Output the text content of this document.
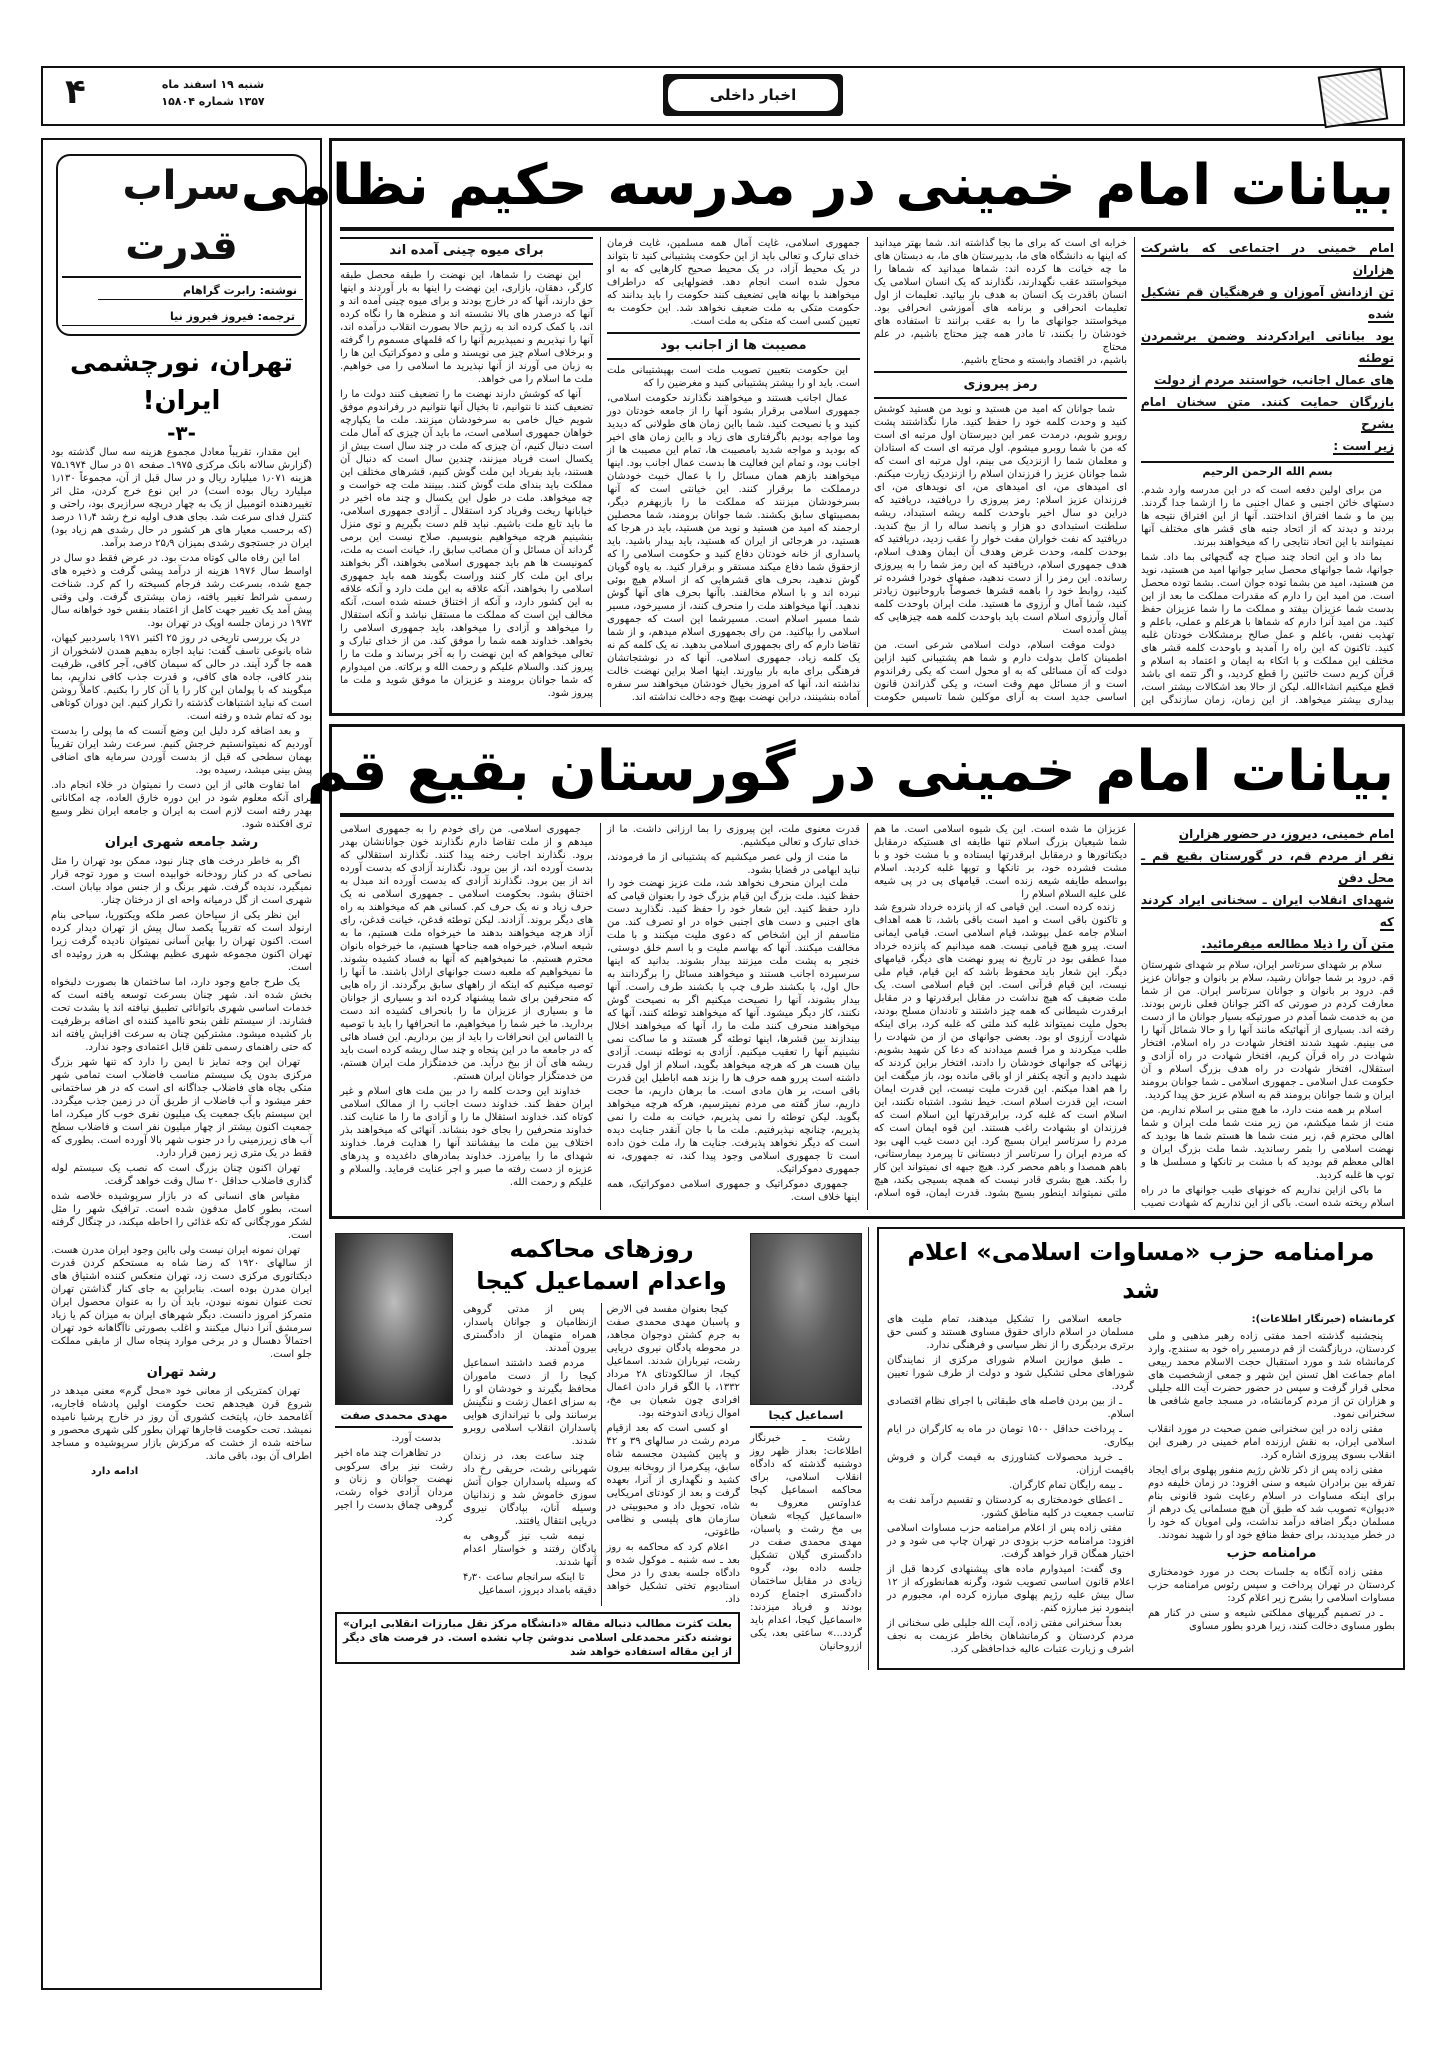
۴	شنبه ۱۹ اسفند ماه
۱۳۵۷ شماره ۱۵۸۰۴	اخبار داخلی
سراب قدرت
نوشته: رابرت گراهام
ترجمه: فیروز فیروز نیا
تهران، نورچشمی ایران!
-۳-

این مقدار، تقریباً معادل مجموع هزینه سه سال گذشته بود (گزارش سالانه بانک مرکزی ۱۹۷۵ـ صفحه ۵۱ در سال ۱۹۷۴ـ۷۵ هزینه ۱٫۰۷۱ میلیارد ریال و در سال قبل از آن، مجموعاً ۱٫۱۳۰ میلیارد ریال بوده است) در این نوع خرج کردن، مثل اثر تغییردهنده اتومبیل از یک به چهار دریچه سرازیری بود، راحتی و کنترل فدای سرعت شد. بجای هدف اولیه نرخ رشد ۱۱٫۴ درصد (که برحسب معیار های هر کشور در حال رشدی هم زیاد بود) ایران در جستجوی رشدی بمیزان ۲۵٫۹ درصد برآمد.

اما این رفاه مالی کوتاه مدت بود. در عرض فقط دو سال در اواسط سال ۱۹۷۶ هزینه از درآمد پیشی گرفت و ذخیره های جمع شده، بسرعت رشد فرجام کسیخته را کم کرد. شناخت رسمی شرائط تغییر یافته، زمان بیشتری گرفت. ولی وقتی پیش آمد یک تغییر جهت کامل از اعتماد بنفس خود خواهانه سال ۱۹۷۳ در زمان جلسه اوپک در تهران بود.

در یک بررسی تاریخی در روز ۲۵ اکتبر ۱۹۷۱ باسردبیر کیهان، شاه بانوعی تاسف گفت: نباید اجازه بدهیم همدن لاشخوران از همه جا گرد آیند. در حالی که سیمان کافی، آجر کافی، ظرفیت بندر کافی، جاده های کافی، و قدرت جذب کافی نداریم، بما میگویند که با پولمان این کار را یا آن کار را بکنیم. کاملاً روشن است که نباید اشتباهات گذشته را تکرار کنیم. این دوران کوتاهی بود که تمام شده و رفته است.

و بعد اضافه کرد دلیل این وضع آنست که ما پولی را بدست آوردیم که نمیتوانستیم خرجش کنیم. سرعت رشد ایران تقریباً بهمان سطحی که قبل از بدست آوردن سرمایه های اضافی پیش بینی میشد، رسیده بود.

اما تفاوت هائی از این دست را نمیتوان در خلاء انجام داد. برای آنکه معلوم شود در این دوره خارق العاده، چه امکاناتی بهدر رفته است لازم است به ایران و جامعه ایران نظر وسیع تری افکنده شود.

رشد جامعه شهری ایران

اگر به خاطر درخت های چنار نبود، ممکن بود تهران را مثل نصاحی که در کنار رودخانه خوابیده است و مورد توجه قرار نمیگیرد، ندیده گرفت. شهر برنگ و از جنس مواد بیابان است. شهری است از گل درمیانه واحه ای از درختان چنار.

این نظر یکی از سیاحان عصر ملکه ویکتوریا، سیاحی بنام ارنولد است که تقریباً یکصد سال پیش از تهران دیدار کرده است. اکنون تهران را بهاین آسانی نمیتوان نادیده گرفت زیرا تهران اکنون مجموعه شهری عظیم بهشکل به هرز روئیده ای است.

یک طرح جامع وجود دارد، اما ساختمان ها بصورت دلبخواه بخش شده اند. شهر چنان بسرعت توسعه یافته است که خدمات اساسی شهری باتوانائی تطبیق نیافته اند یا بشدت تحت فشارند. از سیستم تلفن بنحو ناامید کننده ای اضافه برظرفیت بار کشیده میشود. مشترکین چنان به سرعت افزایش یافته اند که حتی راهنمای رسمی تلفن قابل اعتمادی وجود ندارد.

تهران این وجه تمایز نا ایمن را دارد که تنها شهر بزرگ مرکزی بدون یک سیستم مناسب فاضلاب است تمامی شهر متکی بچاه های فاضلاب جداگانه ای است که در هر ساختمانی حفر میشود و آب فاضلاب از طریق آن در زمین جذب میگردد. این سیستم بایک جمعیت یک میلیون نفری خوب کار میکرد، اما جمعیت اکنون بیشتر از چهار میلیون نفر است و فاضلاب سطح آب های زیرزمینی را در جنوب شهر بالا آورده است. بطوری که فقط در یک متری زیر زمین قرار دارد.

تهران اکنون چنان بزرگ است که نصب یک سیستم لوله گذاری فاضلاب حداقل ۲۰ سال وقت خواهد گرفت.

مقیاس های انسانی که در بازار سرپوشیده خلاصه شده است، بطور کامل مدفون شده است. ترافیک شهر را مثل لشکر مورچگانی که تکه غذائی را احاطه میکند، در چنگال گرفته است.

تهران نمونه ایران نیست ولی بااین وجود ایران مدرن هست. از سالهای ۱۹۲۰ که رضا شاه به مستحکم کردن قدرت دیکتاتوری مرکزی دست زد، تهران منعکس کننده اشتیاق های ایران مدرن بوده است. بنابراین به جای کنار گذاشتن تهران تحت عنوان نمونه نبودن، باید آن را به عنوان محصول ایران متمرکز امروز دانست. دیگر شهرهای ایران به میزان کم یا زیاد سرمشق آنرا دنبال میکنند و اغلب بصورتی ناآگاهانه خود تهران احتمالاً دهسال و در برخی موارد پنجاه سال از مابقی مملکت جلو است.

رشد تهران

تهران کمتریکی از معانی خود «محل گرم» معنی میدهد در شروع قرن هیجدهم تحت حکومت اولین پادشاه قاجاریه، آغامحمد خان، پایتخت کشوری آن روز در خارج پرشیا نامیده نمیشد. تحت حکومت قاجارها تهران بطور کلی شهری محصور و ساخته شده از خشت که مرکزش بازار سرپوشیده و مساجد اطراف آن بود، باقی ماند.

ادامه دارد
بیانات امام خمینی در مدرسه حکیم نظامی
امام خمینی در اجتماعی که باشرکت هزاران
تن ازدانش آموزان و فرهنگیان قم تشکیل شده
بود بیاناتی ایرادکردند وضمن برشمردن توطئه
های عمال اجانب، خواستند مردم از دولت
بازرگان حمایت کنند. متن سخنان امام بشرح
زیر است :
بسم الله الرحمن الرحیم

من برای اولین دفعه است که در این مدرسه وارد شدم. دستهای خائن اجنبی و عمال اجنبی ما را ازشما جدا گردند. بین ما و شما افتراق انداختند. آنها از این افتراق نتیجه ها بردند و دیدند که از اتحاد جنبه های قشر های مختلف آنها نمیتوانند با این اتحاد نتایجی را که میخواهند ببرند.

بما داد و این اتحاد چند صباح چه گنجهائی بما داد. شما جوانها، شما جوانهای محصل سایر جوانها امید من هستید، نوید من هستید، امید من بشما توده جوان است. بشما توده محصل است. من امید این را دارم که مقدرات مملکت ما بعد از این بدست شما عزیزان بیفتد و مملکت ما را شما عزیزان حفظ کنید. من امید آنرا دارم که شماها با هرعلم و عملی، باعلم و تهذیب نفس، باعلم و عمل صالح برمشکلات خودتان غلبه کنید. تاکنون که این راه را آمدید و باوحدت کلمه قشر های مختلف این مملکت و با اتکاء به ایمان و اعتماد به اسلام و قرآن کریم دست خائنین را قطع کردید، و اگر تتمه ای باشد قطع میکنیم انشاءالله. لیکن از حالا بعد اشکالات بیشتر است، بیداری بیشتر میخواهد. از این زمان، زمان سازندگی این خرابه ای است که برای ما بجا گذاشته اند. شما بهتر میدانید که اینها به دانشگاه های ما، بدبیرستان های ما، به دبستان های ما چه خیانت ها کرده اند: شماها میدانید که شماها را میخواستند عقب نگهدارند، نگذارند که یک انسان اسلامی یک انسان باقدرت یک انسان به هدف بار بیائید. تعلیمات از اول تعلیمات انحرافی و برنامه های آموزشی انحرافی بود. میخواستند جوانهای ما را به عقب برانند تا استفاده های خودشان را بکنند، تا مادر همه چیز محتاج باشیم، در علم محتاج

باشیم، در اقتصاد وابسته و محتاج باشیم.
رمز پیروزی

شما جوانان که امید من هستید و نوید من هستید کوشش کنید و وحدت کلمه خود را حفظ کنید. مارا نگذاشتند پشت روبرو شویم، درمدت عمر این دبیرستان اول مرتبه ای است که من با شما روبرو میشوم. اول مرتبه ای است که استادان و معلمان شما را ازنزدیک می بینم، اول مرتبه ای است که شما جوانان عزیز را فرزندان اسلام را ازنزدیک زیارت میکنم. ای امیدهای من، ای امیدهای من، ای نویدهای من، ای فرزندان عزیز اسلام: رمز پیروزی را دریافتید، دریافتید که دراین دو سال اخیر باوحدت کلمه ریشه استبداد، ریشه سلطنت استبدادی دو هزار و پانصد ساله را از بیخ کندید. دریافتید که نفت خواران مفت خوار را عقب زدید، دریافتید که بوحدت کلمه، وحدت غرض وهدف آن ایمان وهدف اسلام، هدف جمهوری اسلام، دریافتید که این رمز شما را به پیروزی رسانده. این رمز را از دست ندهید، صفهای خودرا فشرده تر کنید، روابط خود را باهمه قشرها خصوصاً باروحانیون زیادتر کنید، شما آمال و آرزوی ما هستید. ملت ایران باوحدت کلمه آمال وآرزوی اسلام است باید باوحدت کلمه همه چیزهایی که پیش آمده است

دولت موقت اسلام، دولت اسلامی شرعی است. من اطمینان کامل بدولت دارم و شما هم پشتیبانی کنید ازاین دولت که آن مسائلی که به او محول است که یکی رفراندوم است و از مسائل مهم وقت است، و یکی گذراندن قانون اساسی جدید است به آرای موکلین شما تاسیس حکومت جمهوری اسلامی، غایت آمال همه مسلمین، غایت فرمان خدای تبارک و تعالی باید از این حکومت پشتیبانی کنید تا بتواند در یک محیط آزاد، در یک محیط صحیح کارهایی که به او محول شده است انجام دهد. فضولهایی که دراطراف میخواهند با بهانه هایی تضعیف کنند حکومت را باید بدانند که حکومت متکی به ملت ضعیف نخواهد شد. این حکومت به تعیین کسی است که متکی به ملت است.

مصیبت ها از اجانب بود

این حکومت بتعیین تصویب ملت است بهپشتیبانی ملت است. باید او را بیشتر پشتیبانی کنید و مغرضین را که

عمال اجانب هستند و میخواهند نگذارند حکومت اسلامی، جمهوری اسلامی برقرار بشود آنها را از جامعه خودتان دور کنید و یا نصیحت کنید. شما بااین زمان های طولانی که دیدید وما مواجه بودیم باگرفتاری های زیاد و بااین زمان های اخیر که بودید و مواجه شدید بامصیبت ها، تمام این مصیبت ها از اجانب بود، و تمام این فعالیت ها بدست عمال اجانب بود. اینها میخواهند بازهم همان مسائل را با عمال خبیث خودشان درمملکت ما برقرار کنند. این خیانتی است که آنها بسرخودشان میزنند که مملکت ما را بازبهفرم دیگر، بمصیبتهای سابق بکشند. شما جوانان برومند، شما محصلین ارجمند که امید من هستید و نوید من هستید، باید در هرجا که هستید، در هرجائی از ایران که هستید، باید بیدار باشید. باید پاسداری از خانه خودتان دفاع کنید و حکومت اسلامی را که ازحقوق شما دفاع میکند مستقر و برقرار کنید. به یاوه گویان گوش ندهید، بحرف های قشرهایی که از اسلام هیچ بوئی نبرده اند و با اسلام مخالفند. باآنها بحرف های آنها گوش ندهید. آنها میخواهند ملت را منحرف کنند، از مسیرخود، مسیر شما مسیر اسلام است. مسیرشما این است که جمهوری اسلامی را بپاکنید. من رای بجمهوری اسلام میدهم، و از شما تقاضا دارم که رای بجمهوری اسلامی بدهید. نه یک کلمه کم نه یک کلمه زیاد، جمهوری اسلامی. آنها که در نوشتجاتشان فرهنگی برای مابه بار بیاورند. اینها اصلا براین نهضت خالت نداشته اند، آنها که امروز بخیال خودشان میخواهند سر سفره آماده بنشینند، دراین نهضت بهیچ وجه دخالت نداشته اند.

برای میوه چینی آمده اند

این نهضت را شماها، این نهضت را طبقه محصل طبقه کارگر، دهقان، بازاری، این نهضت را اینها به بار آوردند و اینها حق دارند، آنها که در خارج بودند و برای میوه چینی آمده اند و آنها که درصدر های بالا نشسته اند و منظره ها را نگاه کرده اند، یا کمک کرده اند به رژیم حالا بصورت انقلاب درآمده اند، آنها را نپذیریم و نمیپذیریم آنها را که قلمهای مسموم را گرفته و برخلاف اسلام چیز می نویسند و ملی و دموکراتیک این ها را به زبان می آورند از آنها نپذیرید ما اسلامی را می خواهیم. ملت ما اسلام را می خواهد.

آنها که کوشش دارند نهضت ما را تضعیف کنند دولت ما را تضعیف کنند تا نتوانیم، تا بخیال آنها نتوانیم در رفراندوم موفق شویم خیال خامی به سرخودشان میزنند. ملت ما یکپارچه خواهان جمهوری اسلامی است، ما باید آن چیزی که آمال ملت است دنبال کنیم، آن چیزی که ملت در چند سال است بیش از یکسال است فریاد میزنند، چندین سال است که دنبال آن هستند، باید بفریاد این ملت گوش کنیم، قشرهای مختلف این مملکت باید بندای ملت گوش کنند. ببینند ملت چه خواست و چه میخواهد. ملت در طول این یکسال و چند ماه اخیر در خیابانها ریخت وفریاد کرد استقلال ـ آزادی جمهوری اسلامی، ما باید تابع ملت باشیم. نباید قلم دست بگیریم و توی منزل بنشینیم هرچه میخواهیم بنویسیم. صلاح نیست این برمی گرداند آن مسائل و آن مصائب سابق را، خیانت است به ملت، کمونیست ها هم باید جمهوری اسلامی بخواهند، اگر بخواهند برای این ملت کار کنند وراست بگویند همه باید جمهوری اسلامی را بخواهند، آنکه علاقه به این ملت دارد و آنکه علاقه به این کشور دارد، و آنکه از اختناق خسته شده است، آنکه مخالف این است که مملکت ما مستقل نباشد و آنکه استقلال را میخواهد و آزادی را میخواهد، باید جمهوری اسلامی را بخواهد. خداوند همه شما را موفق کند. من از خدای تبارک و تعالی میخواهم که این نهضت را به آخر برساند و ملت ما را پیروز کند. والسلام علیکم و رحمت الله و برکاته. من امیدوارم که شما جوانان برومند و عزیزان ما موفق شوید و ملت ما پیروز شود.

بیانات امام خمینی در گورستان بقیع قم
امام خمینی، دیروز، در حضور هزاران
نفر از مردم قم، در گورستان بقیع قم ـ محل دفن
شهدای انقلاب ایران ـ سخنانی ایراد کردند که
متن آن را ذیلا مطالعه میفرمائید.

سلام بر شهدای سرتاسر ایران، سلام بر شهدای شهرستان قم. درود بر شما جوانان رشید، سلام بر بانوان و جوانان عزیز قم. درود بر بانوان و جوانان سرتاسر ایران. من از شما معارفت کردم در صورتی که اکثر جوانان فعلی نارس بودند. من به خدمت شما آمدم در صورتیکه بسیار جوانان ما از دست رفته اند. بسیاری از آنهائیکه مانند آنها را و حالا شمائل آنها را می بینیم. شهید شدند افتخار شهادت در راه اسلام، افتخار شهادت در راه قرآن کریم، افتخار شهادت در راه آزادی و استقلال، افتخار شهادت در راه هدف بزرگ اسلام و آن حکومت عدل اسلامی ـ جمهوری اسلامی ـ شما جوانان برومند ایران و شما جوانان برومند قم به اسلام عزیز حق پیدا کردید.

اسلام بر همه منت دارد، ما هیچ منتی بر اسلام نداریم. من منت از شما میکشم، من زیر منت شما ملت ایران و شما اهالی محترم قم، زیر منت شما ها هستم شما ها بودید که نهضت اسلامی را بثمر رساندید. شما ملت بزرگ ایران و اهالی معظم قم بودید که با مشت بر تانکها و مسلسل ها و توپ ها غلبه کردید.

ما باکی ازاین نداریم که خونهای طیب جوانهای ما در راه اسلام ریخته شده است. باکی از این نداریم که شهادت نصیب عزیزان ما شده است. این یک شیوه اسلامی است. ما هم شما شیعیان بزرگ اسلام تنها طایفه ای هستیکه درمقابل دیکتاتورها و درمقابل ابرقدرتها ایستاده و با مشت خود و با مشت فشرده خود، بر تانکها و توپها غلبه کردید. اسلام بواسطه طایفه شیعه زنده است. قیامهای پی در پی شیعه علی علیه السلام اسلام را

زنده کرده است. این قیامی که از پانزده خرداد شروع شد و تاکنون باقی است و امید است باقی باشد، تا همه اهداف اسلام جامه عمل بپوشد، قیام اسلامی است. قیامی ایمانی است. پیرو هیچ قیامی نیست. همه میدانیم که پانزده خرداد مبدا عطفی بود در تاریخ نه پیرو نهضت های دیگر، قیامهای دیگر. این شعار باید محفوظ باشد که این قیام، قیام ملی نیست، این قیام قرآنی است. این قیام اسلامی است. یک ملت ضعیف که هیچ نداشت در مقابل ابرقدرتها و در مقابل ابرقدرت شیطانی که همه چیز داشتند و تادندان مسلح بودند، بحول ملیت نمیتواند غلبه کند ملتی که غلبه کرد، برای اینکه شهادت آرزوی او بود. بعضی جوانهای من از من شهادت را طلب میکردند و مرا قسم میدادند که دعا کن شهید بشویم. زنهائی که جوانهای خودشان را دادند، افتخار براین کردند که شهید دادیم و آنچه یکنفر از او باقی مانده بود، باز میگفت این را هم اهدا میکنم. این قدرت ملیت نیست، این قدرت ایمان است، این قدرت اسلام است. خیط نشود. اشتباه نکنند، این اسلام است که غلبه کرد، برابرقدرتها این اسلام است که فرزندان او بشهادت راغب هستند. این قوه ایمان است که مردم را سرتاسر ایران بسیج کرد. این دست غیب الهی بود که مردم ایران را سرتاسر از دبستانی تا پیرمرد بیمارستانی، باهم همصدا و باهم محصر کرد. هیچ جبهه ای نمیتواند این کار را بکند. هیچ بشری قادر نیست که همچه بسیجی بکند، هیچ ملتی نمیتواند اینطور بسیج بشود. قدرت ایمان، قوه اسلام، قدرت معنوی ملت، این پیروزی را بما ارزانی داشت. ما از خدای تبارک و تعالی میکشیم.

ما منت از ولی عصر میکشیم که پشتیبانی از ما فرمودند، نباید ابهامی در قضایا بشود.

ملت ایران منحرف نخواهد شد، ملت عزیز نهضت خود را حفظ کنید. ملت بزرگ این قیام بزرگ خود را بعنوان قیامی که دارد حفظ کنید. این شعار خود را حفظ کنید. نگذارید دست های اجنبی و دست های اجنبی خواه در او تصرف کند. من متاسفم از این اشخاص که دعوی ملیت میکنند و با ملت مخالفت میکنند. آنها که بهاسم ملیت و با اسم خلق دوستی، خنجر به پشت ملت میزنند بیدار بشوند. بدانید که اینها سرسپرده اجانب هستند و میخواهند مسائل را برگردانند به حال اول، یا بکشند طرف چپ یا بکشند طرف راست. آنها بیدار بشوند، آنها را نصیحت میکنیم اگر به نصیحت گوش نکنند، کار دیگر میشود. آنها که میخواهند توطئه کنند، آنها که میخواهند منحرف کنند ملت ما را، آنها که میخواهند اخلال بیندازند بین قشرها، اینها توطئه گر هستند و ما ساکت نمی نشینیم آنها را تعقیب میکنیم. آزادی به توطئه نیست. آزادی بیان هست هر که هرچه میخواهد بگوید، اسلام از اول قدرت داشته است پررو همه حرف ها را بزند همه اباطیل این قدرت باقی است، بر هان مادی است. ما برهان داریم، ما حجت داریم، ساز گفته می مردم نمیترسیم، هرکه هرچه میخواهد بگوید. لیکن توطئه را نمی پذیریم، خیانت به ملت را نمی پذیریم، چنانچه نپذیرفتیم. ملت ما با جان آنقدر جنایت دیده است که دیگر نخواهد پذیرفت. جنایت ها را، ملت خون داده است تا جمهوری اسلامی وجود پیدا کند، نه جمهوری، نه جمهوری دموکراتیک.

جمهوری دموکراتیک و جمهوری اسلامی دموکراتیک، همه اینها خلاف است.

جمهوری اسلامی. من رای خودم را به جمهوری اسلامی میدهم و از ملت تقاضا دارم نگذارند خون جوانانشان بهدر برود. نگذارند اجانب رخنه پیدا کنند. نگذارند استقلالی که بدست آورده اند، از بین برود. نگذارند آزادی که بدست آورده اند از بین برود. نگذارند آزادی که بدست آورده اند مبدل به اختناق بشود. بحکومت اسلامی ـ جمهوری اسلامی نه یک حرف زیاد و نه یک حرف کم. کسانی هم که میخواهند به راه های دیگر بروند. آزادند. لیکن توطئه قدغن، خیانت قدغن، رای آزاد هرچه میخواهند بدهند ما خیرخواه ملت هستیم، ما به شیعه اسلام، خیرخواه همه جناحها هستیم، ما خیرخواه بانوان محترم هستیم. ما نمیخواهیم که آنها به فساد کشیده بشوند. ما نمیخواهیم که ملعبه دست جوانهای اراذل باشند. ما آنها را توصیه میکنیم که اینکه از راههای سابق برگردند. از راه هایی که منحرفین برای شما پیشنهاد کرده اند و بسیاری از جوانان ما و بسیاری از عزیزان ما را بانحراف کشیده اند دست بردارید. ما خیر شما را میخواهیم، ما انحرافها را باید با توصیه یا التماس این انحرافات را باید از بین برداریم. این فساد هائی که در جامعه ما در این پنجاه و چند سال ریشه کرده است باید ریشه های آن از بیخ درآید. من خدمتگزار ملت ایران هستم، من خدمتگزار جوانان ایران هستم.

خداوند این وحدت کلمه را در بین ملت های اسلام و غیر ایران حفظ کند. خداوند دست اجانب را از ممالک اسلامی کوتاه کند. خداوند استقلال ما را و آزادی ما را ما عنایت کند. خداوند منحرفین را بجای خود بنشاند. آنهائی که میخواهند بذر اختلاف بین ملت ما بیفشانند آنها را هدایت فرما. خداوند شهدای ما را بیامرزد. خداوند بمادرهای داغدیده و پدرهای عزیزه از دست رفته ما صبر و اجر عنایت فرماید. والسلام و علیکم و رحمت الله.

مهدی محمدی صفت

بدست آورد.

در تظاهرات چند ماه اخیر رشت نیز برای سرکوبی نهضت جوانان و زنان و مردان آزادی خواه رشت، گروهی چماق بدست را اجیر کرد.

روزهای محاکمه
واعدام اسماعیل کیجا

کیجا بعنوان مفسد فی الارض و پاسبان مهدی محمدی صفت به جرم کشتن دوجوان مجاهد، در محوطه پادگان نیروی دریایی رشت، تیرباران شدند. اسماعیل کیجا، از سالکودتای ۲۸ مرداد ۱۳۳۲، با الگو قرار دادن اعمال افرادی چون شعبان بی مخ، اموال زیادی اندوخته بود.

او کسی است که بعد ازقیام مردم رشت در سالهای ۳۹ و ۴۲ و پایین کشیدن مجسمه شاه سابق، پیکرمرا از روبخانه بیرون کشید و نگهداری از آنرا، بعهده گرفت و بعد از کودتای امریکایی شاه، تحویل داد و محبوبیتی در سازمان های پلیسی و نظامی طاغوتی،

اعلام کرد که محاکمه به روز بعد ـ سه شنبه ـ موکول شده و دادگاه جلسه بعدی را در محل استادیوم تختی تشکیل خواهد داد.

پس از مدتی گروهی ازنظامیان و جوانان پاسدار، همراه متهمان از دادگستری بیرون آمدند.

مردم قصد داشتند اسماعیل کیجا را از دست ماموران محافظ بگیرند و خودشان او را به سزای اعمال زشت و ننگینش برسانند ولی با تیراندازی هوایی پاسداران انقلاب اسلامی روبرو شدند.

چند ساعت بعد، در زندان شهربانی رشت، حریقی رخ داد که وسیله پاسداران جوان آتش سوزی خاموش شد و زندانیان وسیله آنان، بپادگان نیروی دریایی انتقال یافتند.

نیمه شب نیز گروهی به پادگان رفتند و خواستار اعدام آنها شدند.

تا اینکه سرانجام ساعت ۴٫۳۰ دقیقه بامداد دیروز، اسماعیل

اسماعیل کیجا

رشت ـ خبرنگار اطلاعات: بعداز ظهر روز دوشنبه گذشته که دادگاه انقلاب اسلامی، برای محاکمه اسماعیل کیجا عداوتس معروف به «اسماعیل کیجا» شعبان بی مخ رشت و پاسبان، مهدی محمدی صفت در دادگستری گیلان تشکیل جلسه داده بود، گروه زیادی در مقابل ساختمان دادگستری اجتماع کرده بودند و فریاد میزدند: «اسماعیل کیجا، اعدام باید گردد...» ساعتی بعد، یکی ازروحانیان

بعلت کثرت مطالب دنباله مقاله «دانشگاه مرکز نقل مبارزات انقلابی ایران» نوشته دکتر محمدعلی اسلامی ندوشن چاپ نشده است. در فرصت های دیگر از این مقاله استفاده خواهد شد
مرامنامه حزب «مساوات اسلامی» اعلام شد
کرمانشاه (خبرنگار اطلاعات):

پنجشنبه گذشته احمد مفتی زاده رهبر مذهبی و ملی کردستان، دربازگشت از قم درمسیر راه خود به سنندج، وارد کرمانشاه شد و مورد استقبال حجت الاسلام محمد ربیعی امام جماعت اهل تسنن این شهر و جمعی ازشخصیت های محلی قرار گرفت و سپس در حضور حضرت آیت الله جلیلی و هزاران تن از مردم کرمانشاه، در مسجد جامع شافعی ها سخنرانی نمود.

مفتی زاده در این سخنرانی ضمن صحبت در مورد انقلاب اسلامی ایران، به نقش ارزنده امام خمینی در رهبری این انقلاب بسوی پیروزی اشاره کرد.

مفتی زاده پس از ذکر تلاش رژیم منفور پهلوی برای ایجاد تفرقه بین برادران شیعه و سنی افزود: در زمان خلیفه دوم برای اینکه مساوات در اسلام رعایت شود قانونی بنام «دیوان» تصویب شد که طبق آن هیچ مسلمانی یک درهم از مسلمان دیگر اضافه درآمد نداشت، ولی امویان که خود را در خطر میدیدند، برای حفظ منافع خود او را شهید نمودند.

مرامنامه حزب

مفتی زاده آنگاه به جلسات بحث در مورد خودمختاری کردستان در تهران پرداخت و سپس رئوس مرامنامه حزب مساوات اسلامی را بشرح زیر اعلام کرد:

ـ در تصمیم گیریهای مملکتی شیعه و سنی در کنار هم بطور مساوی دخالت کنند، زیرا هردو بطور مساوی

جامعه اسلامی را تشکیل میدهند، تمام ملیت های مسلمان در اسلام دارای حقوق مساوی هستند و کسی حق برتری بردیگری را از نظر سیاسی و فرهنگی ندارد.

ـ طبق موازین اسلام شورای مرکزی از نمایندگان شوراهای محلی تشکیل شود و دولت از طرف شورا تعیین گردد.

ـ از بین بردن فاصله های طبقاتی با اجرای نظام اقتصادی اسلام.

ـ پرداخت حداقل ۱۵۰۰ تومان در ماه به کارگران در ایام بیکاری.

ـ خرید محصولات کشاورزی به قیمت گران و فروش باقیمت ارزان.

ـ بیمه رایگان تمام کارگران.

ـ اعطای خودمختاری به کردستان و تقسیم درآمد نفت به تناسب جمعیت در کلیه مناطق کشور.

مفتی زاده پس از اعلام مرامنامه حزب مساوات اسلامی افزود: مرامنامه حزب بزودی در تهران چاپ می شود و در اختیار همگان قرار خواهد گرفت.

وی گفت: امیدوارم ماده های پیشنهادی کردها قبل از اعلام قانون اساسی تصویب شود، وگرنه همانطورکه از ۱۲ سال بیش علیه رژیم پهلوی مبارزه کرده ام، مجبورم در اینمورد نیز مبارزه کنم.

بعداً سخنرانی مفتی زاده، آیت الله جلیلی طی سخنانی از مردم کردستان و کرمانشاهان بخاطر عزیمت به نجف اشرف و زیارت عتبات عالیه خداحافظی کرد.
